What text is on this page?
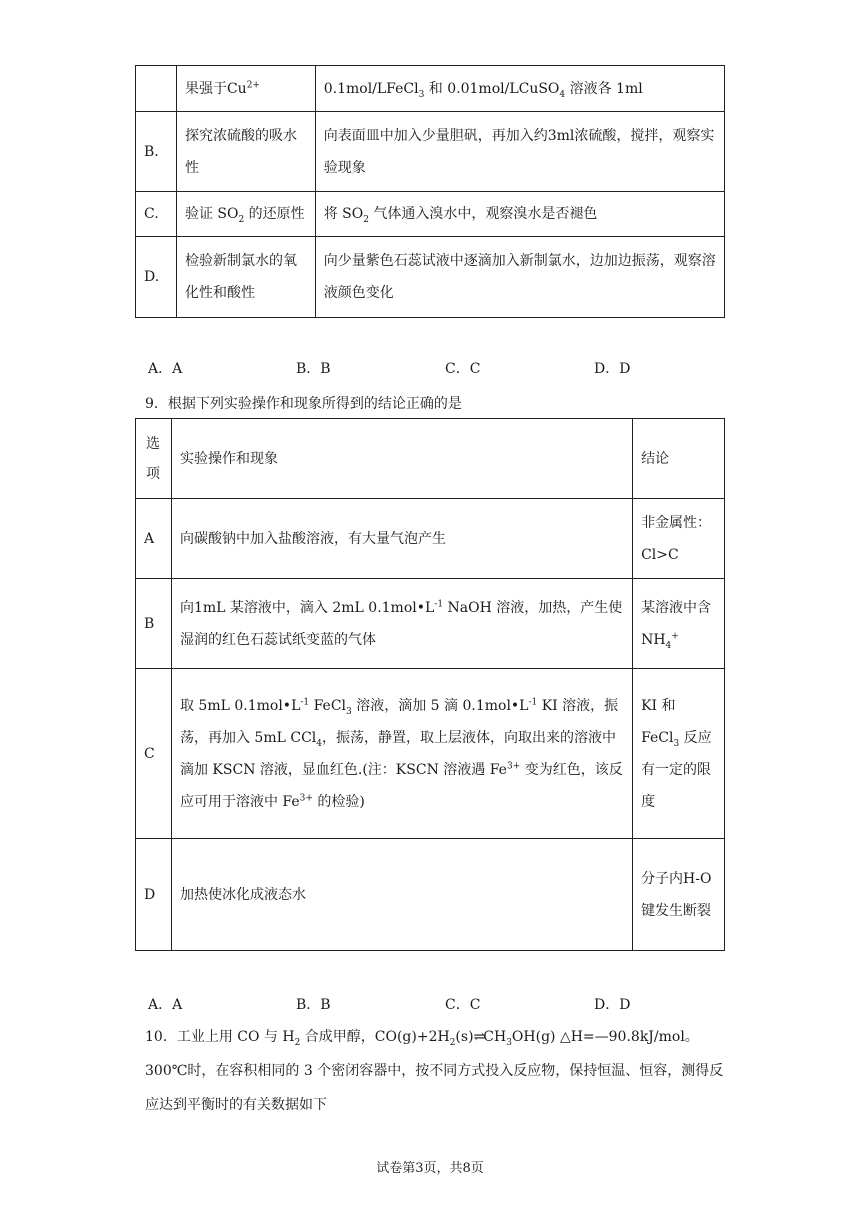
	果强于$Cu^{2+}$	0.1mol/LFeCl$_3$ 和 0.01mol/LCuSO$_4$ 溶液各 1ml
B.	探究浓硫酸的吸水性	向表面皿中加入少量胆矾，再加入约3ml浓硫酸，搅拌，观察实验现象
C.	验证 $SO_2$ 的还原性	将 $SO_2$ 气体通入溴水中，观察溴水是否褪色
D.	检验新制氯水的氧化性和酸性	向少量紫色石蕊试液中逐滴加入新制氯水，边加边振荡，观察溶液颜色变化
A．A	B．B	C．C	D．D
9．根据下列实验操作和现象所得到的结论正确的是
选项	实验操作和现象	结论
A	向碳酸钠中加入盐酸溶液，有大量气泡产生	非金属性：Cl>C
B	向1mL 某溶液中，滴入 2mL $0.1mol•L^{-1}$ NaOH 溶液，加热，产生使湿润的红色石蕊试纸变蓝的气体	某溶液中含 $NH_4^+$
C	取 5mL $0.1mol•L^{-1}$ FeCl$_3$ 溶液，滴加 5 滴 $0.1mol•L^{-1}$ KI 溶液，振荡，再加入 5mL CCl$_4$，振荡，静置，取上层液体，向取出来的溶液中滴加 KSCN 溶液，显血红色.(注：KSCN 溶液遇 $Fe^{3+}$ 变为红色，该反应可用于溶液中 $Fe^{3+}$ 的检验)	KI 和 FeCl$_3$ 反应有一定的限度
D	加热使冰化成液态水	分子内H-O键发生断裂
A．A	B．B	C．C	D．D
10．工业上用 CO 与 $H_2$ 合成甲醇，$CO(g)+2H_2(s)\rightleftharpoons CH_3OH(g)$ △H=—90.8kJ/mol。300℃时，在容积相同的 3 个密闭容器中，按不同方式投入反应物，保持恒温、恒容，测得反应达到平衡时的有关数据如下
试卷第3页，共8页
